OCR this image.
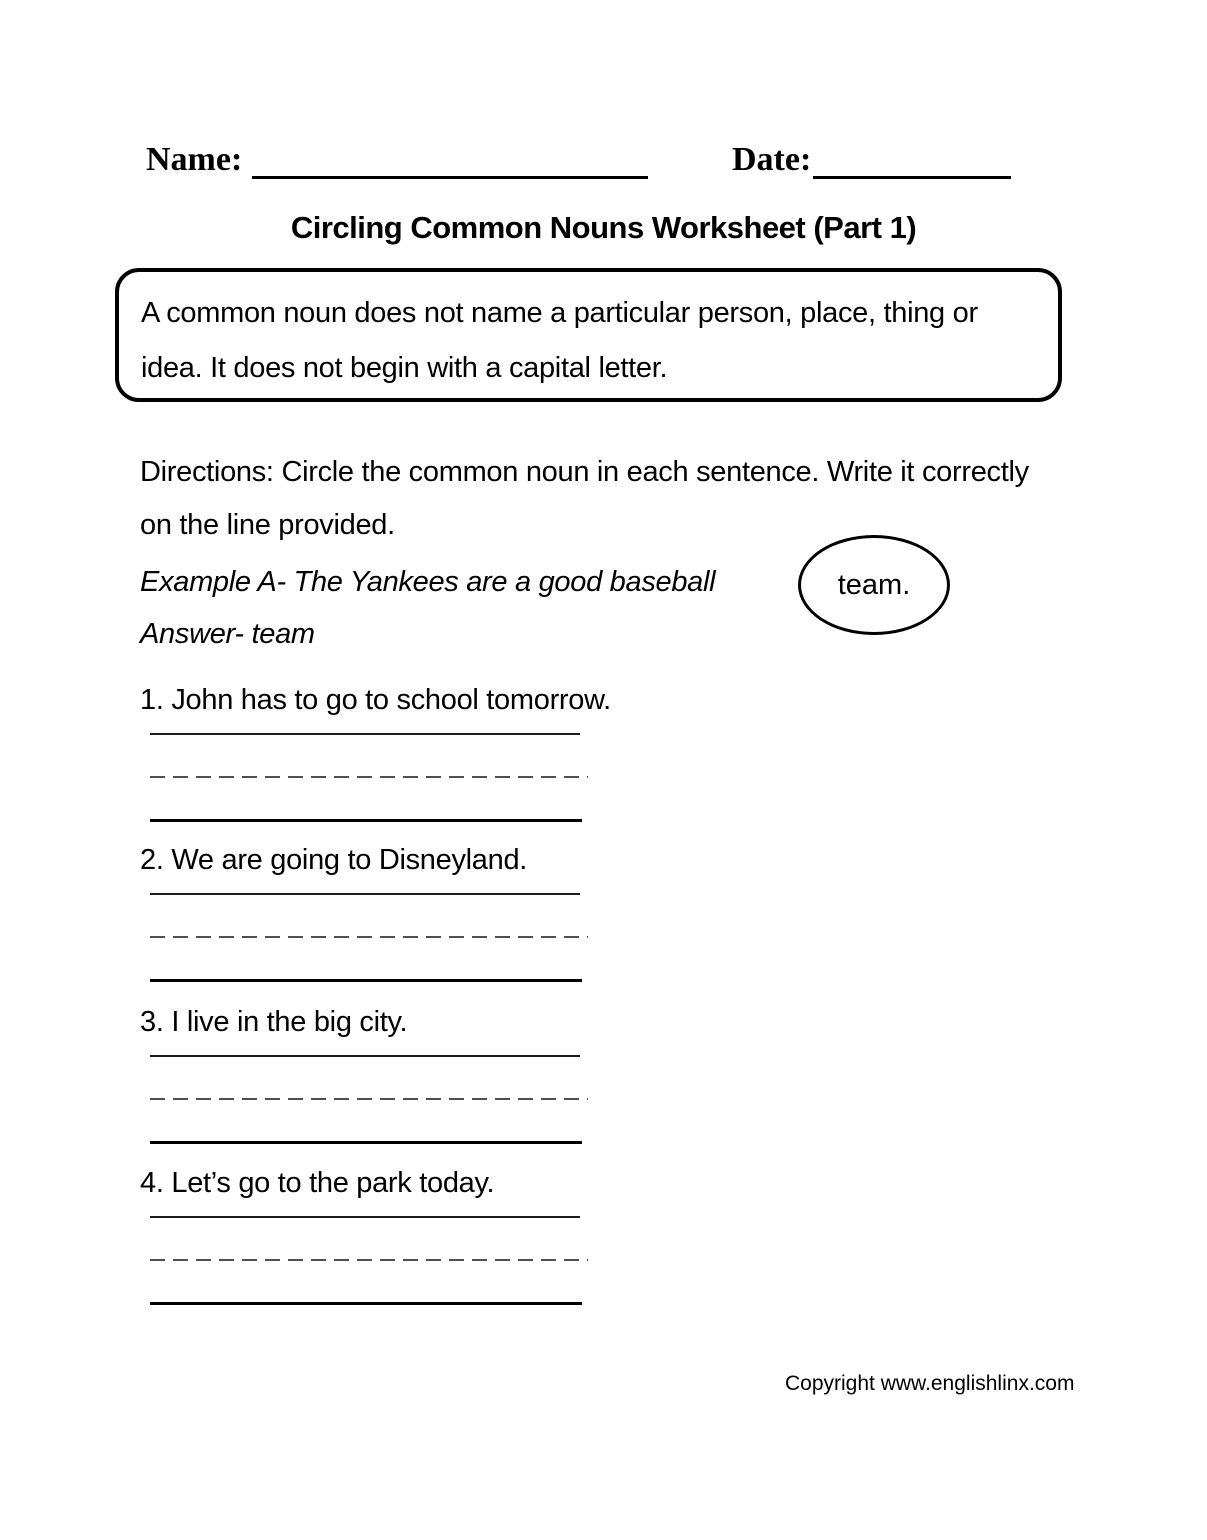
Name:	Date:
Circling Common Nouns Worksheet (Part 1)

A common noun does not name a particular person, place, thing or idea. It does not begin with a capital letter.

Directions: Circle the common noun in each sentence. Write it correctly on the line provided.

Example A- The Yankees are a good baseball	team.

Answer- team

1. John has to go to school tomorrow.

2. We are going to Disneyland.

3. I live in the big city.

4. Let’s go to the park today.

Copyright www.englishlinx.com
